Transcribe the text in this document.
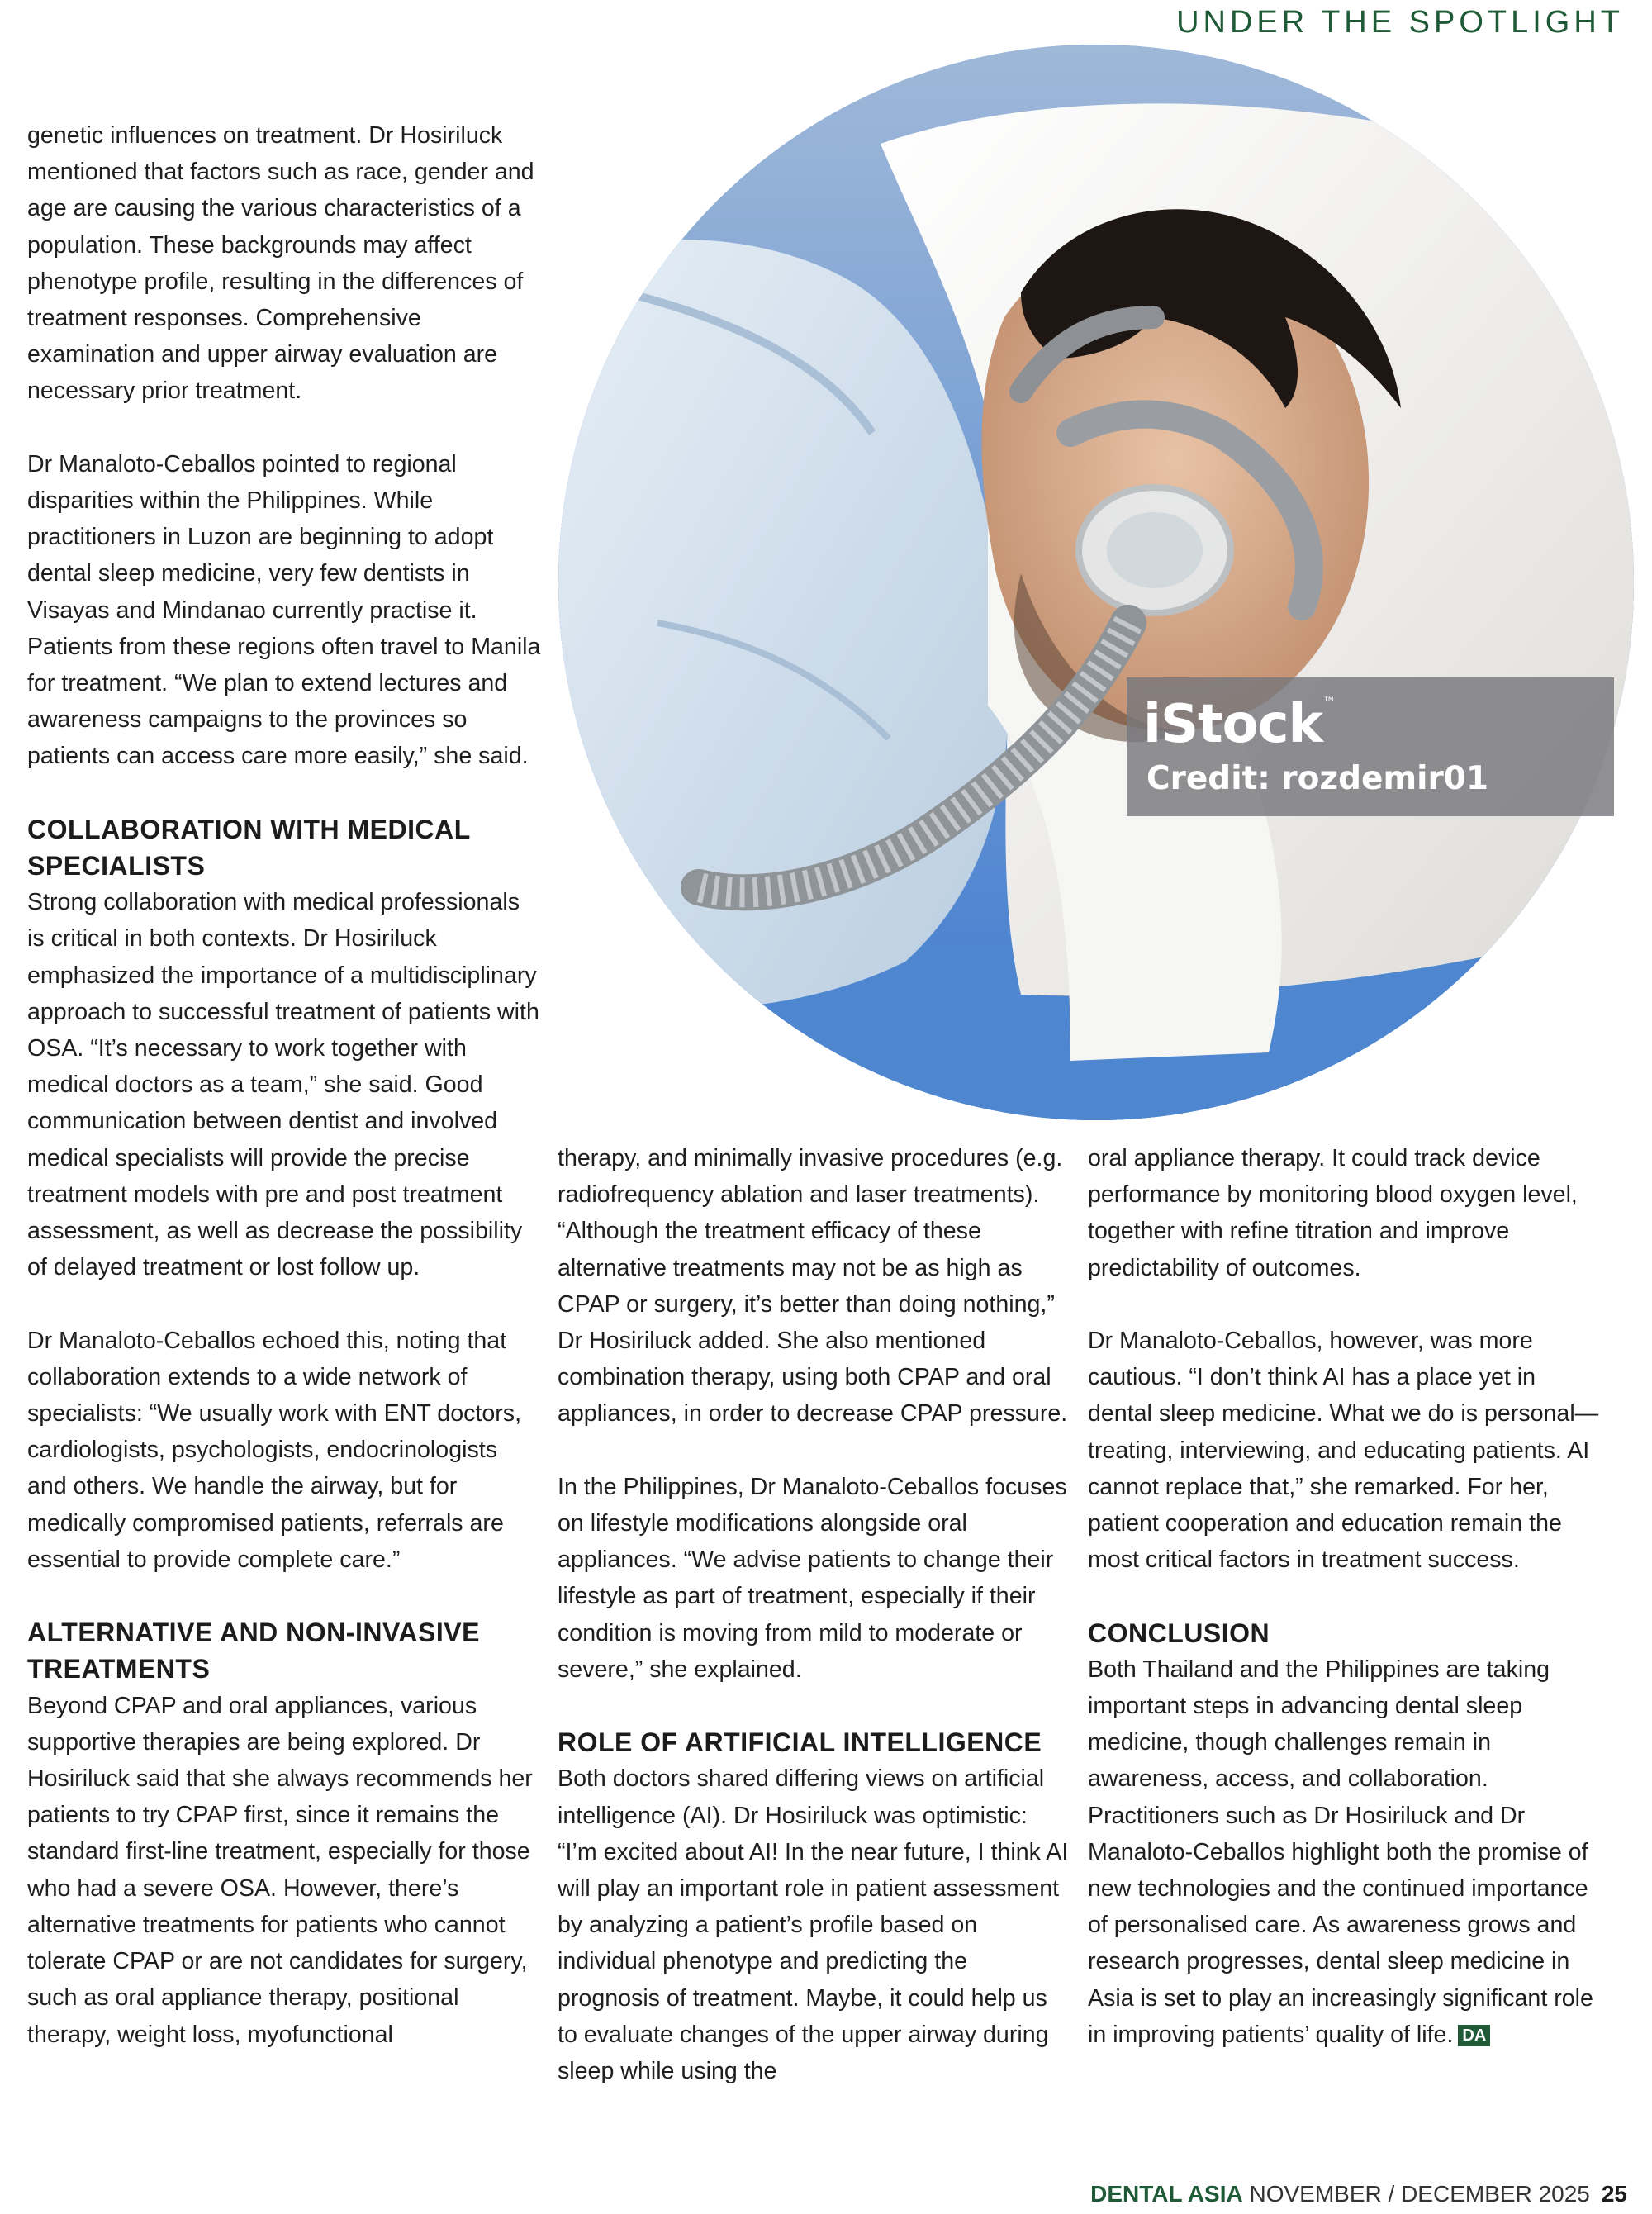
UNDER THE SPOTLIGHT
iStock™
Credit: rozdemir01

genetic influences on treatment. Dr Hosiriluck mentioned that factors such as race, gender and age are causing the various characteristics of a population. These backgrounds may affect phenotype profile, resulting in the differences of treatment responses. Comprehensive examination and upper airway evaluation are necessary prior treatment.

Dr Manaloto-Ceballos pointed to regional disparities within the Philippines. While practitioners in Luzon are beginning to adopt dental sleep medicine, very few dentists in Visayas and Mindanao currently practise it. Patients from these regions often travel to Manila for treatment. “We plan to extend lectures and awareness campaigns to the provinces so patients can access care more easily,” she said.

COLLABORATION WITH MEDICAL SPECIALISTS

Strong collaboration with medical professionals is critical in both contexts. Dr Hosiriluck emphasized the importance of a multidisciplinary approach to successful treatment of patients with OSA. “It’s necessary to work together with medical doctors as a team,” she said. Good communication between dentist and involved medical specialists will provide the precise treatment models with pre and post treatment assessment, as well as decrease the possibility of delayed treatment or lost follow up.

Dr Manaloto-Ceballos echoed this, noting that collaboration extends to a wide network of specialists: “We usually work with ENT doctors, cardiologists, psychologists, endocrinologists and others. We handle the airway, but for medically compromised patients, referrals are essential to provide complete care.”

ALTERNATIVE AND NON-INVASIVE TREATMENTS

Beyond CPAP and oral appliances, various supportive therapies are being explored. Dr Hosiriluck said that she always recommends her patients to try CPAP first, since it remains the standard first-line treatment, especially for those who had a severe OSA. However, there’s alternative treatments for patients who cannot tolerate CPAP or are not candidates for surgery, such as oral appliance therapy, positional therapy, weight loss, myofunctional

therapy, and minimally invasive procedures (e.g. radiofrequency ablation and laser treatments). “Although the treatment efficacy of these alternative treatments may not be as high as CPAP or surgery, it’s better than doing nothing,” Dr Hosiriluck added. She also mentioned combination therapy, using both CPAP and oral appliances, in order to decrease CPAP pressure.

In the Philippines, Dr Manaloto-Ceballos focuses on lifestyle modifications alongside oral appliances. “We advise patients to change their lifestyle as part of treatment, especially if their condition is moving from mild to moderate or severe,” she explained.

ROLE OF ARTIFICIAL INTELLIGENCE

Both doctors shared differing views on artificial intelligence (AI). Dr Hosiriluck was optimistic: “I’m excited about AI! In the near future, I think AI will play an important role in patient assessment by analyzing a patient’s profile based on individual phenotype and predicting the prognosis of treatment. Maybe, it could help us to evaluate changes of the upper airway during sleep while using the

oral appliance therapy. It could track device performance by monitoring blood oxygen level, together with refine titration and improve predictability of outcomes.

Dr Manaloto-Ceballos, however, was more cautious. “I don’t think AI has a place yet in dental sleep medicine. What we do is personal—treating, interviewing, and educating patients. AI cannot replace that,” she remarked. For her, patient cooperation and education remain the most critical factors in treatment success.

CONCLUSION

Both Thailand and the Philippines are taking important steps in advancing dental sleep medicine, though challenges remain in awareness, access, and collaboration. Practitioners such as Dr Hosiriluck and Dr Manaloto-Ceballos highlight both the promise of new technologies and the continued importance of personalised care. As awareness grows and research progresses, dental sleep medicine in Asia is set to play an increasingly significant role in improving patients’ quality of life. DA

DENTAL ASIA NOVEMBER / DECEMBER 2025 25
